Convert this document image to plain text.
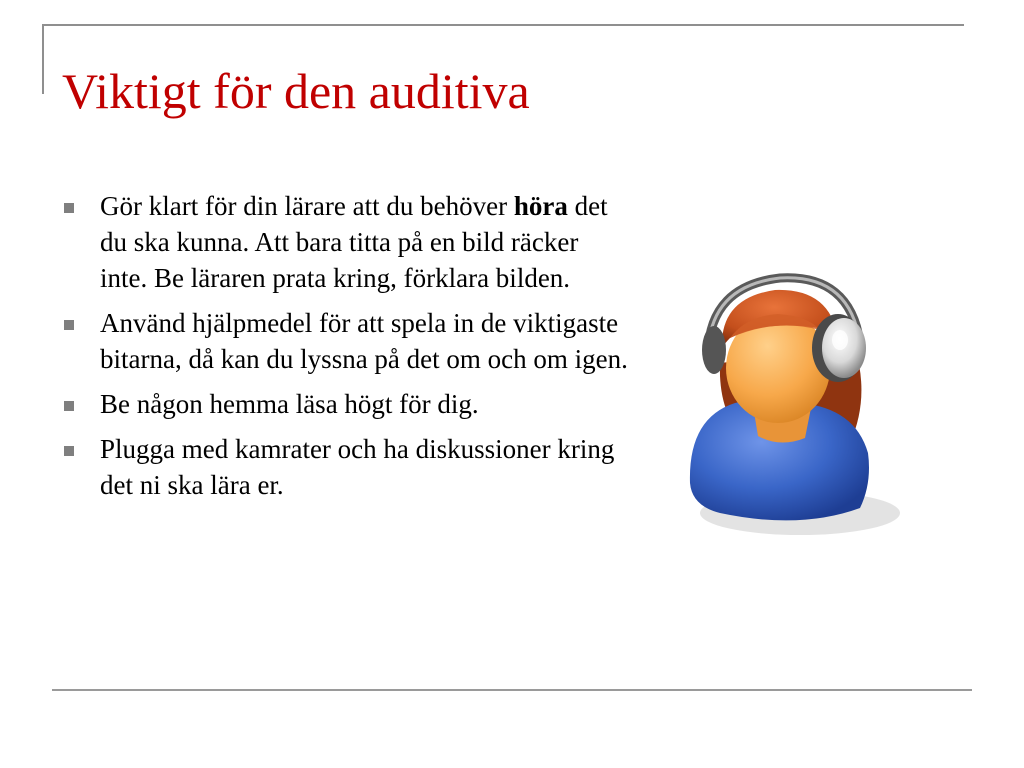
Viktigt för den auditiva
Gör klart för din lärare att du behöver höra det du ska kunna. Att bara titta på en bild räcker inte. Be läraren prata kring, förklara bilden.
Använd hjälpmedel för att spela in de viktigaste bitarna, då kan du lyssna på det om och om igen.
Be någon hemma läsa högt för dig.
Plugga med kamrater och ha diskussioner kring det ni ska lära er.
